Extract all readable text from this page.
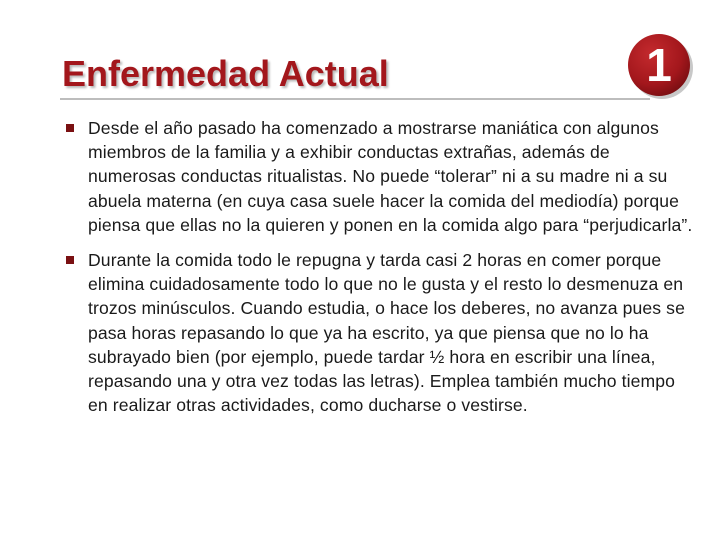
Enfermedad Actual	1
Desde el año pasado ha comenzado a mostrarse maniática con algunos miembros de la familia y a exhibir conductas extrañas, además de numerosas conductas ritualistas. No puede “tolerar” ni a su madre ni a su abuela materna (en cuya casa suele hacer la comida del mediodía) porque piensa que ellas no la quieren y ponen en la comida algo para “perjudicarla”.
Durante la comida todo le repugna y tarda casi 2 horas en comer porque elimina cuidadosamente todo lo que no le gusta y el resto lo desmenuza en trozos minúsculos. Cuando estudia, o hace los deberes, no avanza pues se pasa horas repasando lo que ya ha escrito, ya que piensa que no lo ha subrayado bien (por ejemplo, puede tardar ½ hora en escribir una línea, repasando una y otra vez todas las letras). Emplea también mucho tiempo en realizar otras actividades, como ducharse o vestirse.
